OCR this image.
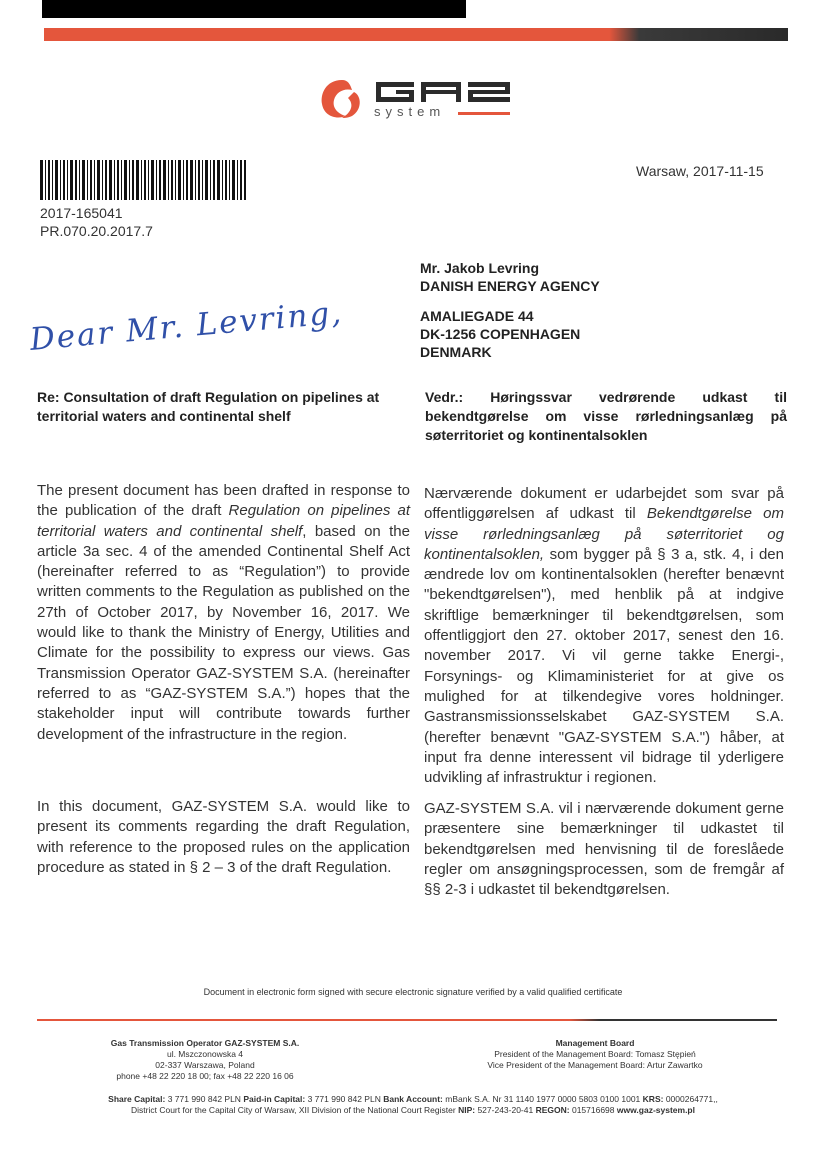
system
2017-165041
PR.070.20.2017.7
Warsaw, 2017-11-15
Mr. Jakob Levring
DANISH ENERGY AGENCY
AMALIEGADE 44
DK-1256 COPENHAGEN
DENMARK
Dear Mr. Levring,
Re: Consultation of draft Regulation on pipelines at territorial waters and continental shelf
Vedr.: Høringssvar vedrørende udkast til bekendtgørelse om visse rørledningsanlæg på søterritoriet og kontinentalsoklen
The present document has been drafted in response to the publication of the draft Regulation on pipelines at territorial waters and continental shelf, based on the article 3a sec. 4 of the amended Continental Shelf Act (hereinafter referred to as “Regulation”) to provide written comments to the Regulation as published on the 27th of October 2017, by November 16, 2017. We would like to thank the Ministry of Energy, Utilities and Climate for the possibility to express our views. Gas Transmission Operator GAZ-SYSTEM S.A. (hereinafter referred to as “GAZ-SYSTEM S.A.”) hopes that the stakeholder input will contribute towards further development of the infrastructure in the region.
Nærværende dokument er udarbejdet som svar på offentliggørelsen af udkast til Bekendtgørelse om visse rørledningsanlæg på søterritoriet og kontinentalsoklen, som bygger på § 3 a, stk. 4, i den ændrede lov om kontinentalsoklen (herefter benævnt "bekendtgørelsen"), med henblik på at indgive skriftlige bemærkninger til bekendtgørelsen, som offentliggjort den 27. oktober 2017, senest den 16. november 2017. Vi vil gerne takke Energi-, Forsynings- og Klimaministeriet for at give os mulighed for at tilkendegive vores holdninger. Gastransmissionsselskabet GAZ-SYSTEM S.A. (herefter benævnt "GAZ-SYSTEM S.A.") håber, at input fra denne interessent vil bidrage til yderligere udvikling af infrastruktur i regionen.
In this document, GAZ-SYSTEM S.A. would like to present its comments regarding the draft Regulation, with reference to the proposed rules on the application procedure as stated in § 2 – 3 of the draft Regulation.
GAZ-SYSTEM S.A. vil i nærværende dokument gerne præsentere sine bemærkninger til udkastet til bekendtgørelsen med henvisning til de foreslåede regler om ansøgningsprocessen, som de fremgår af §§ 2-3 i udkastet til bekendtgørelsen.
Document in electronic form signed with secure electronic signature verified by a valid qualified certificate
Gas Transmission Operator GAZ-SYSTEM S.A.
ul. Mszczonowska 4
02-337 Warszawa, Poland
phone +48 22 220 18 00; fax +48 22 220 16 06
Management Board
President of the Management Board: Tomasz Stępień
Vice President of the Management Board: Artur Zawartko
Share Capital: 3 771 990 842 PLN Paid-in Capital: 3 771 990 842 PLN Bank Account: mBank S.A. Nr 31 1140 1977 0000 5803 0100 1001 KRS: 0000264771,,
District Court for the Capital City of Warsaw, XII Division of the National Court Register NIP: 527-243-20-41 REGON: 015716698 www.gaz-system.pl
